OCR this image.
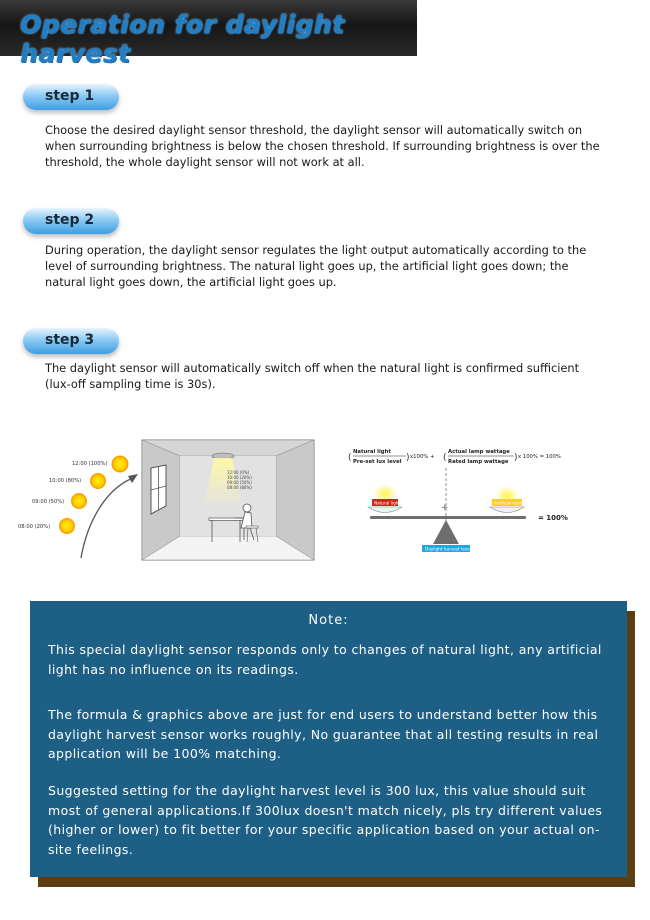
Operation for daylight harvest
step 1
Choose the desired daylight sensor threshold, the daylight sensor will automatically switch on when surrounding brightness is below the chosen threshold. If surrounding brightness is over the threshold, the whole daylight sensor will not work at all.
step 2
During operation, the daylight sensor regulates the light output automatically according to the level of surrounding brightness. The natural light goes up, the artificial light goes down; the natural light goes down, the artificial light goes up.
step 3
The daylight sensor will automatically switch off when the natural light is confirmed sufficient (lux-off sampling time is 30s).
12:00 (100%)
10:00 (80%)
09:00 (50%)
08:00 (20%)
12:00 (0%)
10:00 (20%)
09:00 (50%)
08:00 (80%)
(
Natural light
Pre-set lux level ) x100% + (
Actual lamp wattage
Rated lamp wattage ) x 100% = 100%
+
Natural light	Artificial light
= 100%
Daylight harvest level
Note:

This special daylight sensor responds only to changes of natural light, any artificial light has no influence on its readings.

The formula & graphics above are just for end users to understand better how this daylight harvest sensor works roughly, No guarantee that all testing results in real application will be 100% matching.

Suggested setting for the daylight harvest level is 300 lux, this value should suit most of general applications.If 300lux doesn't match nicely, pls try different values (higher or lower) to fit better for your specific application based on your actual on-site feelings.
